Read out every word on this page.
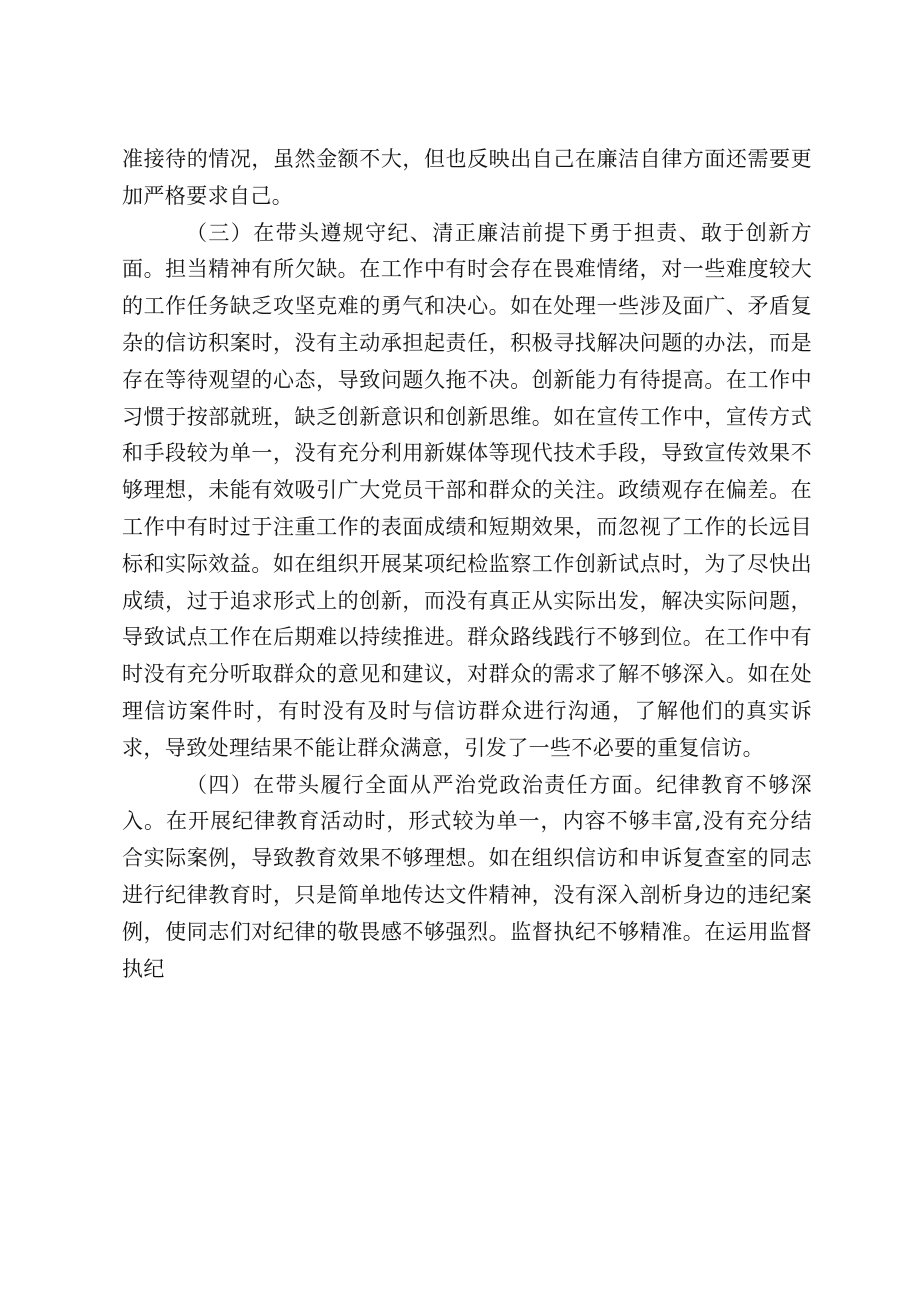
准接待的情况，虽然金额不大，但也反映出自己在廉洁自律方面还需要更加严格要求自己。

（三）在带头遵规守纪、清正廉洁前提下勇于担责、敢于创新方面。担当精神有所欠缺。在工作中有时会存在畏难情绪，对一些难度较大的工作任务缺乏攻坚克难的勇气和决心。如在处理一些涉及面广、矛盾复杂的信访积案时，没有主动承担起责任，积极寻找解决问题的办法，而是存在等待观望的心态，导致问题久拖不决。创新能力有待提高。在工作中习惯于按部就班，缺乏创新意识和创新思维。如在宣传工作中，宣传方式和手段较为单一，没有充分利用新媒体等现代技术手段，导致宣传效果不够理想，未能有效吸引广大党员干部和群众的关注。政绩观存在偏差。在工作中有时过于注重工作的表面成绩和短期效果，而忽视了工作的长远目标和实际效益。如在组织开展某项纪检监察工作创新试点时，为了尽快出成绩，过于追求形式上的创新，而没有真正从实际出发，解决实际问题，导致试点工作在后期难以持续推进。群众路线践行不够到位。在工作中有时没有充分听取群众的意见和建议，对群众的需求了解不够深入。如在处理信访案件时，有时没有及时与信访群众进行沟通，了解他们的真实诉求，导致处理结果不能让群众满意，引发了一些不必要的重复信访。

（四）在带头履行全面从严治党政治责任方面。纪律教育不够深入。在开展纪律教育活动时，形式较为单一，内容不够丰富,没有充分结合实际案例，导致教育效果不够理想。如在组织信访和申诉复查室的同志进行纪律教育时，只是简单地传达文件精神，没有深入剖析身边的违纪案例，使同志们对纪律的敬畏感不够强烈。监督执纪不够精准。在运用监督执纪
